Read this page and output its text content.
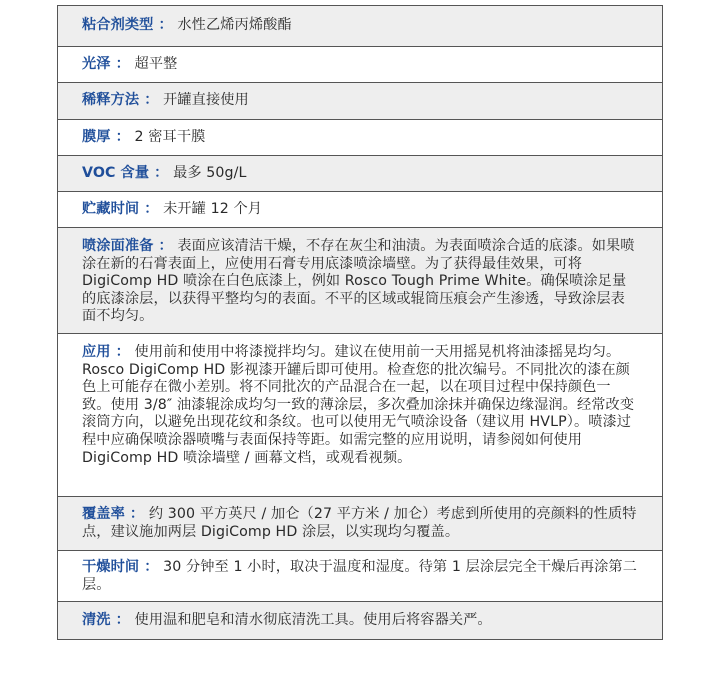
粘合剂类型 ： 水性乙烯丙烯酸酯
光泽 ： 超平整
稀释方法 ： 开罐直接使用
膜厚 ： 2 密耳干膜
VOC 含量 ： 最多 50g/L
贮藏时间 ： 未开罐 12 个月
喷涂面准备 ： 表面应该清洁干燥，不存在灰尘和油渍。为表面喷涂合适的底漆。如果喷涂在新的石膏表面上，应使用石膏专用底漆喷涂墙壁。为了获得最佳效果，可将 DigiComp HD 喷涂在白色底漆上，例如 Rosco Tough Prime White。确保喷涂足量的底漆涂层，以获得平整均匀的表面。不平的区域或辊筒压痕会产生渗透，导致涂层表面不均匀。
应用 ： 使用前和使用中将漆搅拌均匀。建议在使用前一天用摇晃机将油漆摇晃均匀。Rosco DigiComp HD 影视漆开罐后即可使用。检查您的批次编号。不同批次的漆在颜色上可能存在微小差别。将不同批次的产品混合在一起，以在项目过程中保持颜色一致。使用 3/8″ 油漆辊涂成均匀一致的薄涂层，多次叠加涂抹并确保边缘湿润。经常改变滚筒方向，以避免出现花纹和条纹。也可以使用无气喷涂设备（建议用 HVLP）。喷漆过程中应确保喷涂器喷嘴与表面保持等距。如需完整的应用说明，请参阅如何使用 DigiComp HD 喷涂墙壁 / 画幕文档，或观看视频。
覆盖率 ： 约 300 平方英尺 / 加仑（27 平方米 / 加仑）考虑到所使用的亮颜料的性质特点，建议施加两层 DigiComp HD 涂层，以实现均匀覆盖。
干燥时间 ： 30 分钟至 1 小时，取决于温度和湿度。待第 1 层涂层完全干燥后再涂第二层。
清洗 ： 使用温和肥皂和清水彻底清洗工具。使用后将容器关严。
